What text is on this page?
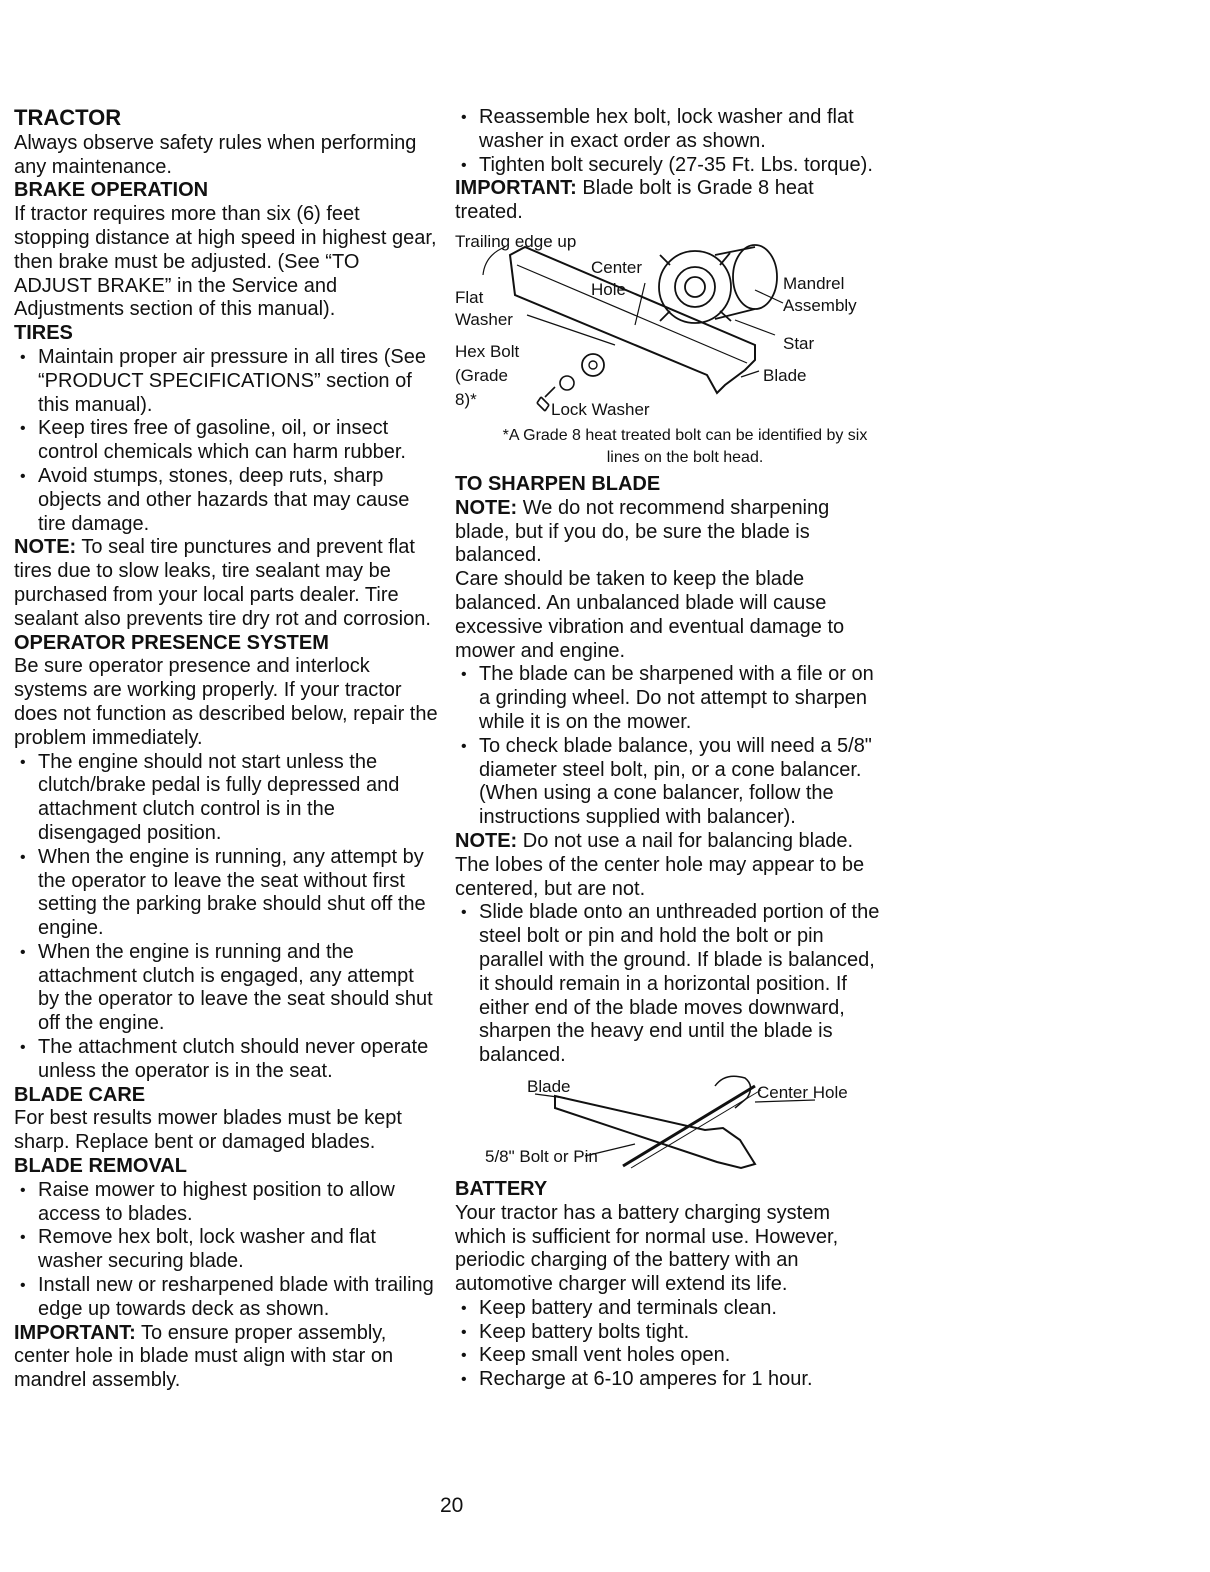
TRACTOR

Always observe safety rules when performing any maintenance.

BRAKE OPERATION

If tractor requires more than six (6) feet stopping distance at high speed in highest gear, then brake must be adjusted. (See “TO ADJUST BRAKE” in the Service and Adjustments section of this manual).

TIRES
• Maintain proper air pressure in all tires (See “PRODUCT SPECIFICATIONS” section of this manual).
• Keep tires free of gasoline, oil, or insect control chemicals which can harm rubber.
• Avoid stumps, stones, deep ruts, sharp objects and other hazards that may cause tire damage.

NOTE: To seal tire punctures and prevent flat tires due to slow leaks, tire sealant may be purchased from your local parts dealer. Tire sealant also prevents tire dry rot and corrosion.

OPERATOR PRESENCE SYSTEM

Be sure operator presence and interlock systems are working properly. If your tractor does not function as described below, repair the problem immediately.

• The engine should not start unless the clutch/brake pedal is fully depressed and attachment clutch control is in the disengaged position.
• When the engine is running, any attempt by the operator to leave the seat without first setting the parking brake should shut off the engine.
• When the engine is running and the attachment clutch is engaged, any attempt by the operator to leave the seat should shut off the engine.
• The attachment clutch should never operate unless the operator is in the seat.
BLADE CARE

For best results mower blades must be kept sharp. Replace bent or damaged blades.

BLADE REMOVAL
• Raise mower to highest position to allow access to blades.
• Remove hex bolt, lock washer and flat washer securing blade.
• Install new or resharpened blade with trailing edge up towards deck as shown.

IMPORTANT: To ensure proper assembly, center hole in blade must align with star on mandrel assembly.

• Reassemble hex bolt, lock washer and flat washer in exact order as shown.
• Tighten bolt securely (27-35 Ft. Lbs. torque).

IMPORTANT: Blade bolt is Grade 8 heat treated.

Trailing edge up
Center
Hole
Flat
Washer
Hex Bolt
(Grade
8)*
Lock Washer
Mandrel
Assembly
Star
Blade

*A Grade 8 heat treated bolt can be identified by six lines on the bolt head.

TO SHARPEN BLADE

NOTE: We do not recommend sharpening blade, but if you do, be sure the blade is balanced.

Care should be taken to keep the blade balanced. An unbalanced blade will cause excessive vibration and eventual damage to mower and engine.

• The blade can be sharpened with a file or on a grinding wheel. Do not attempt to sharpen while it is on the mower.
• To check blade balance, you will need a 5/8" diameter steel bolt, pin, or a cone balancer. (When using a cone balancer, follow the instructions supplied with balancer).

NOTE: Do not use a nail for balancing blade. The lobes of the center hole may appear to be centered, but are not.

• Slide blade onto an unthreaded portion of the steel bolt or pin and hold the bolt or pin parallel with the ground. If blade is balanced, it should remain in a horizontal position. If either end of the blade moves downward, sharpen the heavy end until the blade is balanced.
Blade	Center Hole
5/8" Bolt or Pin
BATTERY

Your tractor has a battery charging system which is sufficient for normal use. However, periodic charging of the battery with an automotive charger will extend its life.

• Keep battery and terminals clean.
• Keep battery bolts tight.
• Keep small vent holes open.
• Recharge at 6-10 amperes for 1 hour.
20
